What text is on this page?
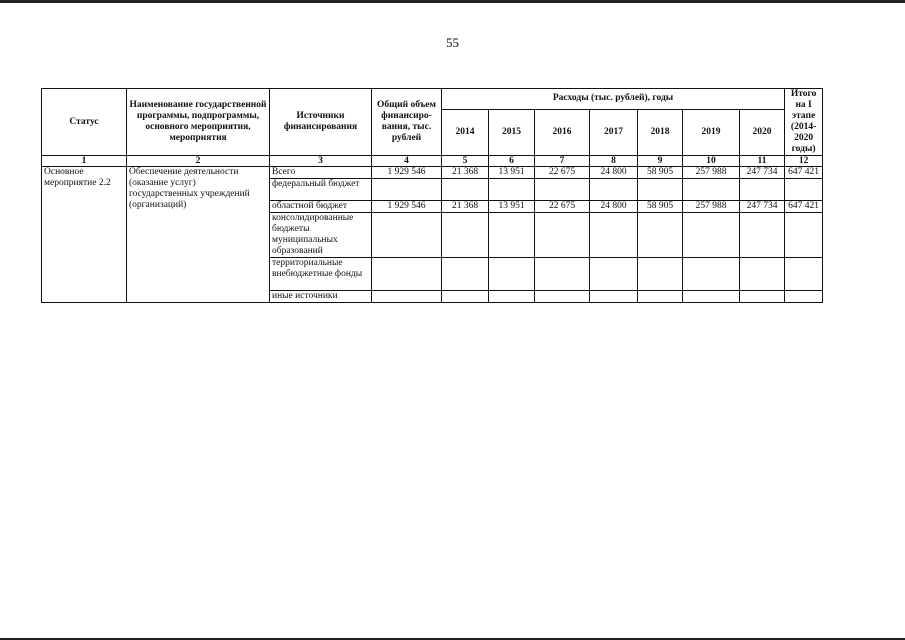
55
Статус	Наименование государственной программы, подпрограммы, основного мероприятия, мероприятия	Источники финансирования	Общий объем финансиро-вания, тыс. рублей	Расходы (тыс. рублей), годы							Итого на I этапе (2014-2020 годы)
				2014	2015	2016	2017	2018	2019	2020	
1	2	3	4	5	6	7	8	9	10	11	12
Основное мероприятие 2.2	Обеспечение деятельности (оказание услуг) государственных учреждений (организаций)	Всего	1 929 546	21 368	13 951	22 675	24 800	58 905	257 988	247 734	647 421
		федеральный бюджет									
		областной бюджет	1 929 546	21 368	13 951	22 675	24 800	58 905	257 988	247 734	647 421
		консолидированные бюджеты муниципальных образований									
		территориальные внебюджетные фонды									
		иные источники									
